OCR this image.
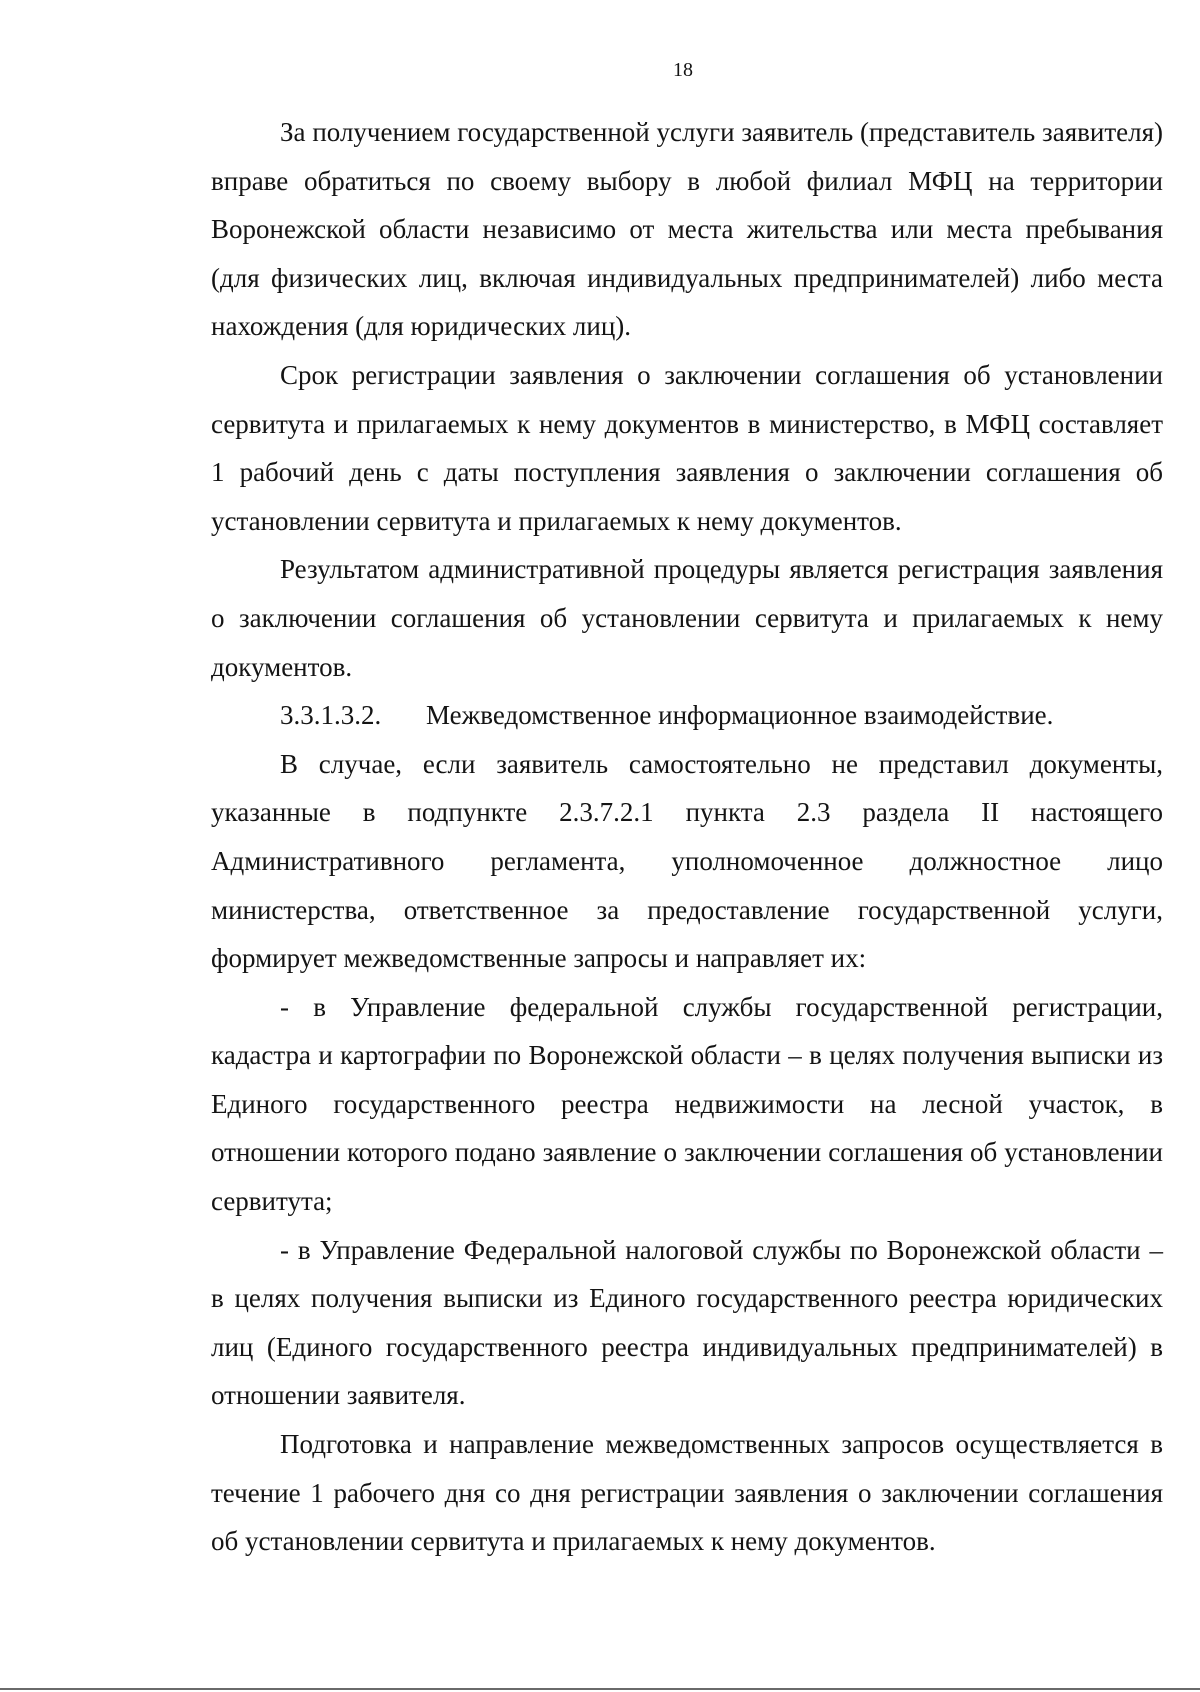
18

За получением государственной услуги заявитель (представитель заявителя) вправе обратиться по своему выбору в любой филиал МФЦ на территории Воронежской области независимо от места жительства или места пребывания (для физических лиц, включая индивидуальных предпринимателей) либо места нахождения (для юридических лиц).

Срок регистрации заявления о заключении соглашения об установлении сервитута и прилагаемых к нему документов в министерство, в МФЦ составляет 1 рабочий день с даты поступления заявления о заключении соглашения об установлении сервитута и прилагаемых к нему документов.

Результатом административной процедуры является регистрация заявления о заключении соглашения об установлении сервитута и прилагаемых к нему документов.

3.3.1.3.2. Межведомственное информационное взаимодействие.

В случае, если заявитель самостоятельно не представил документы, указанные в подпункте 2.3.7.2.1 пункта 2.3 раздела II настоящего Административного регламента, уполномоченное должностное лицо министерства, ответственное за предоставление государственной услуги, формирует межведомственные запросы и направляет их:

- в Управление федеральной службы государственной регистрации, кадастра и картографии по Воронежской области – в целях получения выписки из Единого государственного реестра недвижимости на лесной участок, в отношении которого подано заявление о заключении соглашения об установлении сервитута;

- в Управление Федеральной налоговой службы по Воронежской области – в целях получения выписки из Единого государственного реестра юридических лиц (Единого государственного реестра индивидуальных предпринимателей) в отношении заявителя.

Подготовка и направление межведомственных запросов осуществляется в течение 1 рабочего дня со дня регистрации заявления о заключении соглашения об установлении сервитута и прилагаемых к нему документов.
